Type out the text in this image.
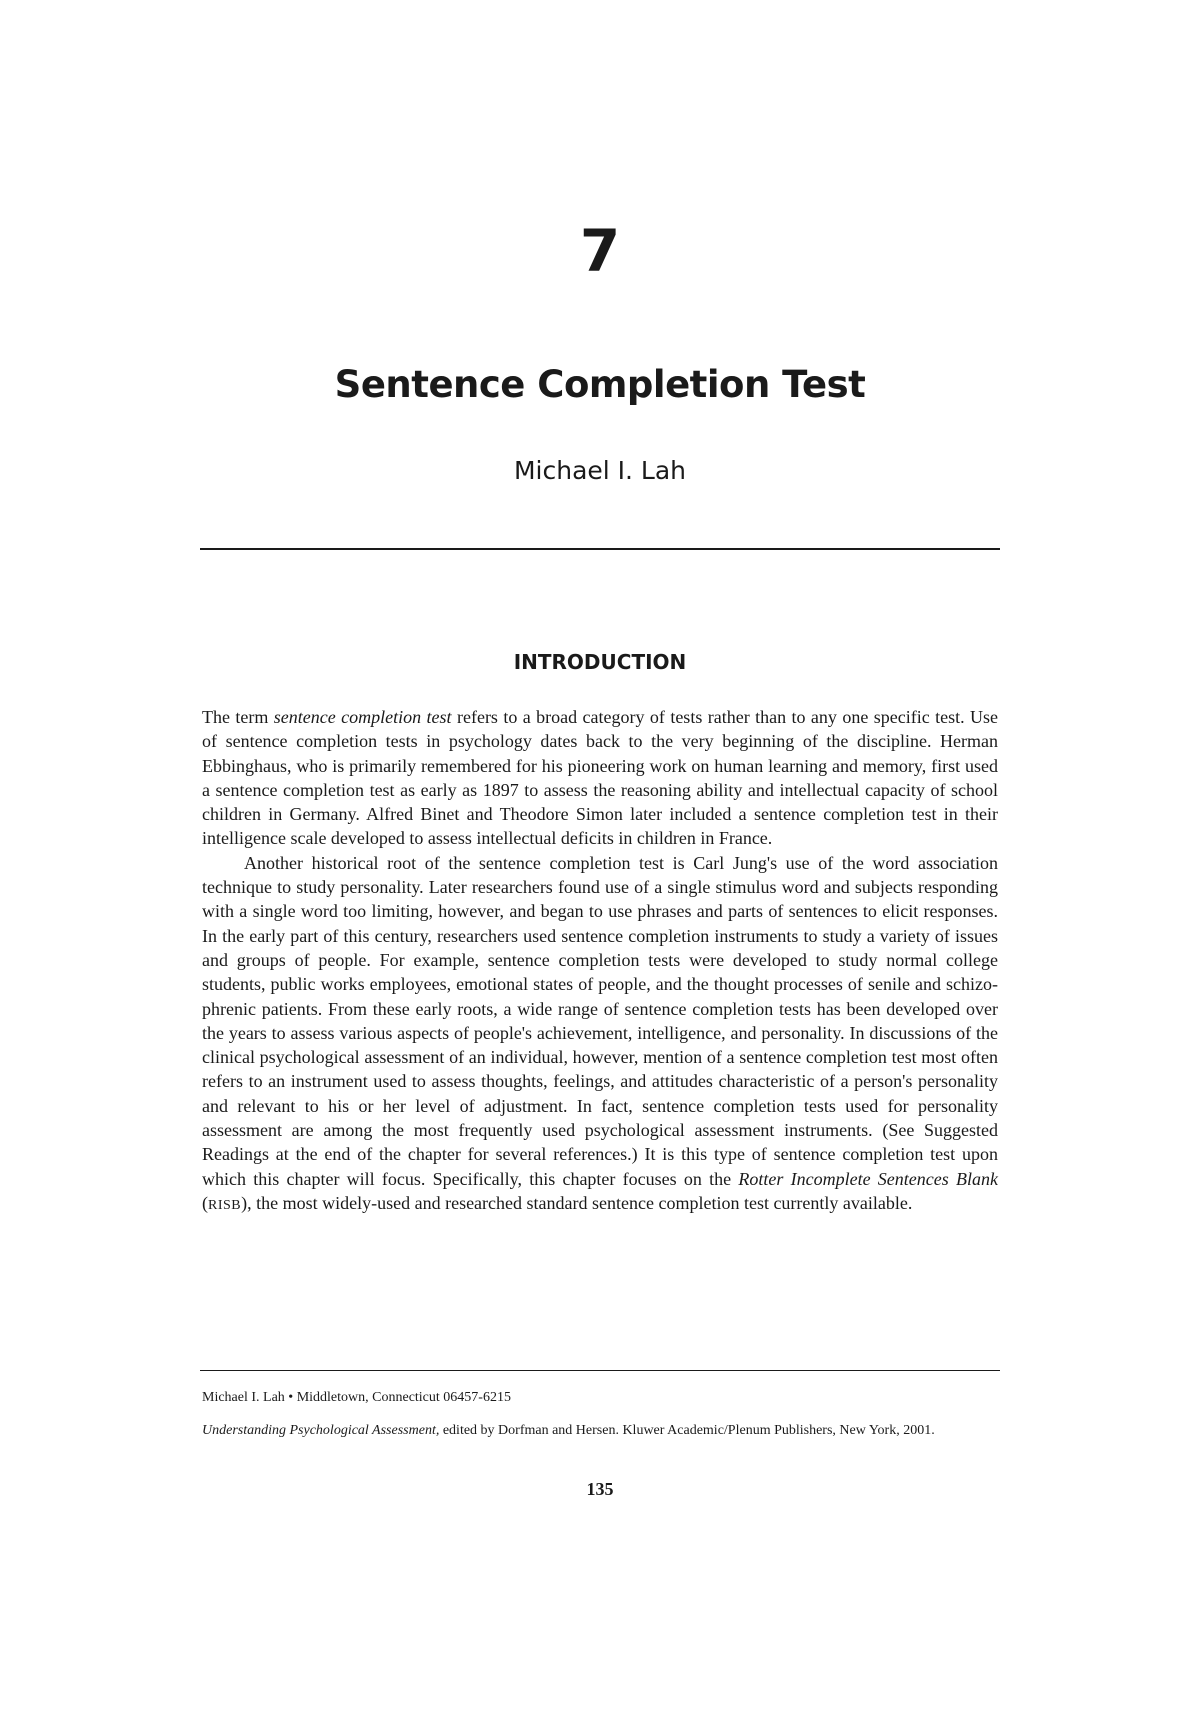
7
Sentence Completion Test
Michael I. Lah
INTRODUCTION

The term sentence completion test refers to a broad category of tests rather than to any one specific test. Use of sentence completion tests in psychology dates back to the very beginning of the discipline. Herman Ebbinghaus, who is primarily remembered for his pioneering work on human learning and memory, first used a sentence completion test as early as 1897 to assess the reasoning ability and intellectual capacity of school children in Germany. Alfred Binet and Theodore Simon later included a sentence completion test in their intelligence scale developed to assess intellectual deficits in children in France.

Another historical root of the sentence completion test is Carl Jung's use of the word association technique to study personality. Later researchers found use of a single stimulus word and subjects responding with a single word too limiting, however, and began to use phrases and parts of sentences to elicit responses. In the early part of this century, researchers used sentence completion instruments to study a variety of issues and groups of people. For example, sentence completion tests were developed to study normal college students, public works employees, emotional states of people, and the thought processes of senile and schizo-phrenic patients. From these early roots, a wide range of sentence completion tests has been developed over the years to assess various aspects of people's achievement, intelligence, and personality. In discussions of the clinical psychological assessment of an individual, however, mention of a sentence completion test most often refers to an instrument used to assess thoughts, feelings, and attitudes characteristic of a person's personality and relevant to his or her level of adjustment. In fact, sentence completion tests used for personality assessment are among the most frequently used psychological assessment instruments. (See Suggested Readings at the end of the chapter for several references.) It is this type of sentence completion test upon which this chapter will focus. Specifically, this chapter focuses on the Rotter Incomplete Sentences Blank (RISB), the most widely-used and researched standard sentence completion test currently available.

Michael I. Lah • Middletown, Connecticut 06457-6215
Understanding Psychological Assessment, edited by Dorfman and Hersen. Kluwer Academic/Plenum Publishers, New York, 2001.
135
